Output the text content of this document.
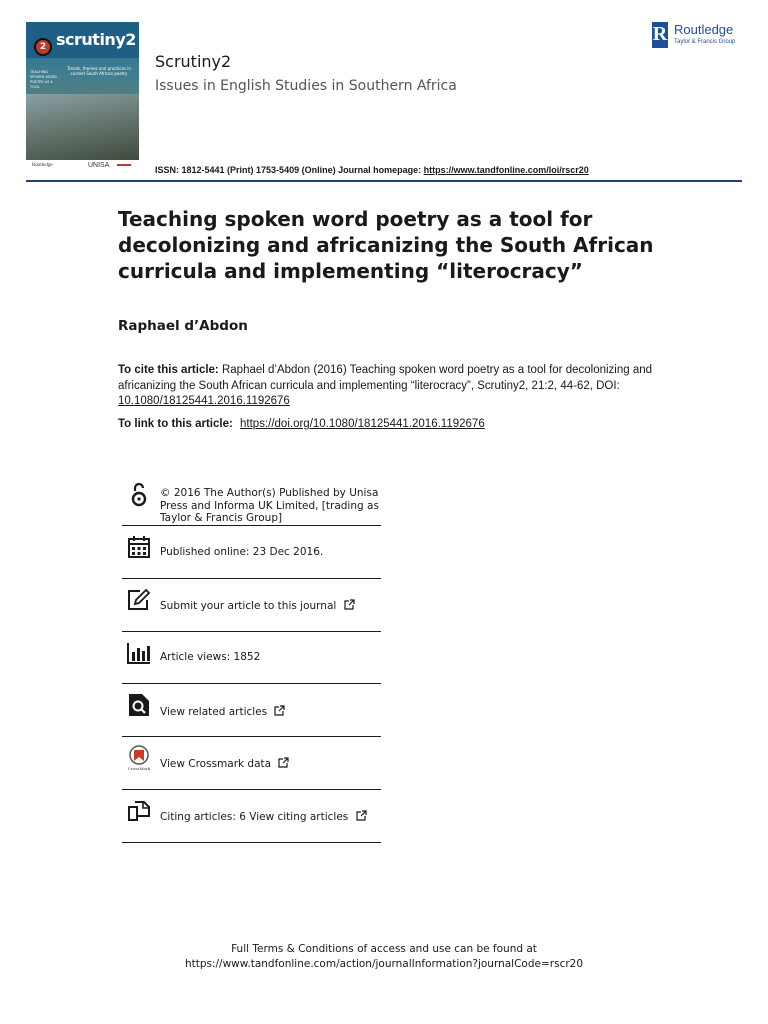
2 scrutiny2
Trends, themes and practices in current South African poetry
TEACHING SPOKEN WORD POETRY AS A TOOL
Routledge	UNISA
Scrutiny2
Issues in English Studies in Southern Africa
R Routledge
Taylor & Francis Group
ISSN: 1812-5441 (Print) 1753-5409 (Online) Journal homepage: https://www.tandfonline.com/loi/rscr20
Teaching spoken word poetry as a tool for decolonizing and africanizing the South African curricula and implementing “literocracy”
Raphael d’Abdon
To cite this article: Raphael d’Abdon (2016) Teaching spoken word poetry as a tool for decolonizing and africanizing the South African curricula and implementing “literocracy”, Scrutiny2, 21:2, 44-62, DOI: 10.1080/18125441.2016.1192676
To link to this article: https://doi.org/10.1080/18125441.2016.1192676
© 2016 The Author(s) Published by Unisa
Press and Informa UK Limited, [trading as
Taylor & Francis Group]
Published online: 23 Dec 2016.
Submit your article to this journal
Article views: 1852
View related articles
CrossMark View Crossmark data
Citing articles: 6 View citing articles
Full Terms & Conditions of access and use can be found at
https://www.tandfonline.com/action/journalInformation?journalCode=rscr20
